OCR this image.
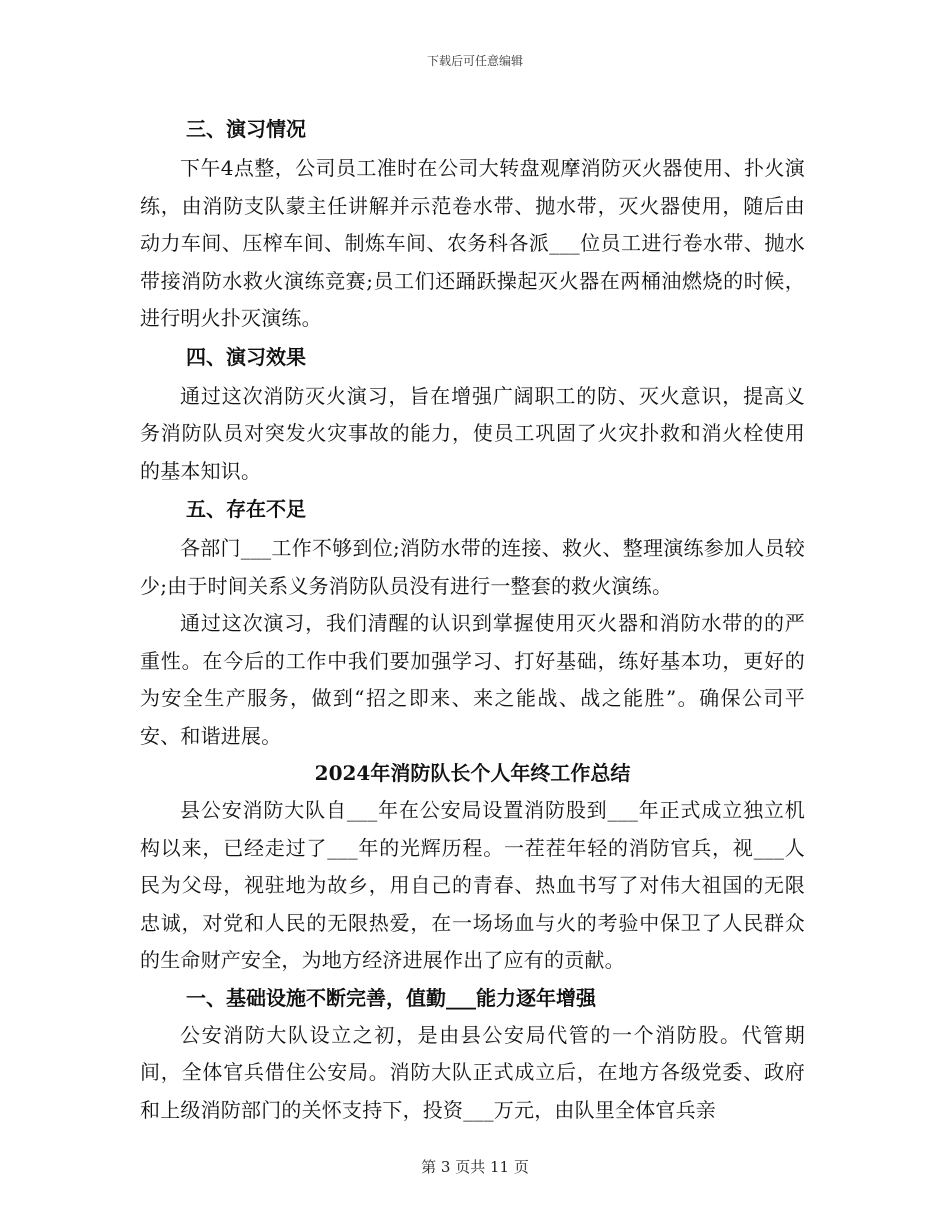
下载后可任意编辑
三、演习情况

下午4点整，公司员工准时在公司大转盘观摩消防灭火器使用、扑火演练，由消防支队蒙主任讲解并示范卷水带、抛水带，灭火器使用，随后由动力车间、压榨车间、制炼车间、农务科各派___位员工进行卷水带、抛水带接消防水救火演练竞赛;员工们还踊跃操起灭火器在两桶油燃烧的时候，进行明火扑灭演练。

四、演习效果

通过这次消防灭火演习，旨在增强广阔职工的防、灭火意识，提高义务消防队员对突发火灾事故的能力，使员工巩固了火灾扑救和消火栓使用的基本知识。

五、存在不足

各部门___工作不够到位;消防水带的连接、救火、整理演练参加人员较少;由于时间关系义务消防队员没有进行一整套的救火演练。

通过这次演习，我们清醒的认识到掌握使用灭火器和消防水带的的严重性。在今后的工作中我们要加强学习、打好基础，练好基本功，更好的为安全生产服务，做到“招之即来、来之能战、战之能胜”。确保公司平安、和谐进展。

2024年消防队长个人年终工作总结

县公安消防大队自___年在公安局设置消防股到___年正式成立独立机构以来，已经走过了___年的光辉历程。一茬茬年轻的消防官兵，视___人民为父母，视驻地为故乡，用自己的青春、热血书写了对伟大祖国的无限忠诚，对党和人民的无限热爱，在一场场血与火的考验中保卫了人民群众的生命财产安全，为地方经济进展作出了应有的贡献。

一、基础设施不断完善，值勤___能力逐年增强

公安消防大队设立之初，是由县公安局代管的一个消防股。代管期间，全体官兵借住公安局。消防大队正式成立后，在地方各级党委、政府和上级消防部门的关怀支持下，投资___万元，由队里全体官兵亲

第 3 页共 11 页
